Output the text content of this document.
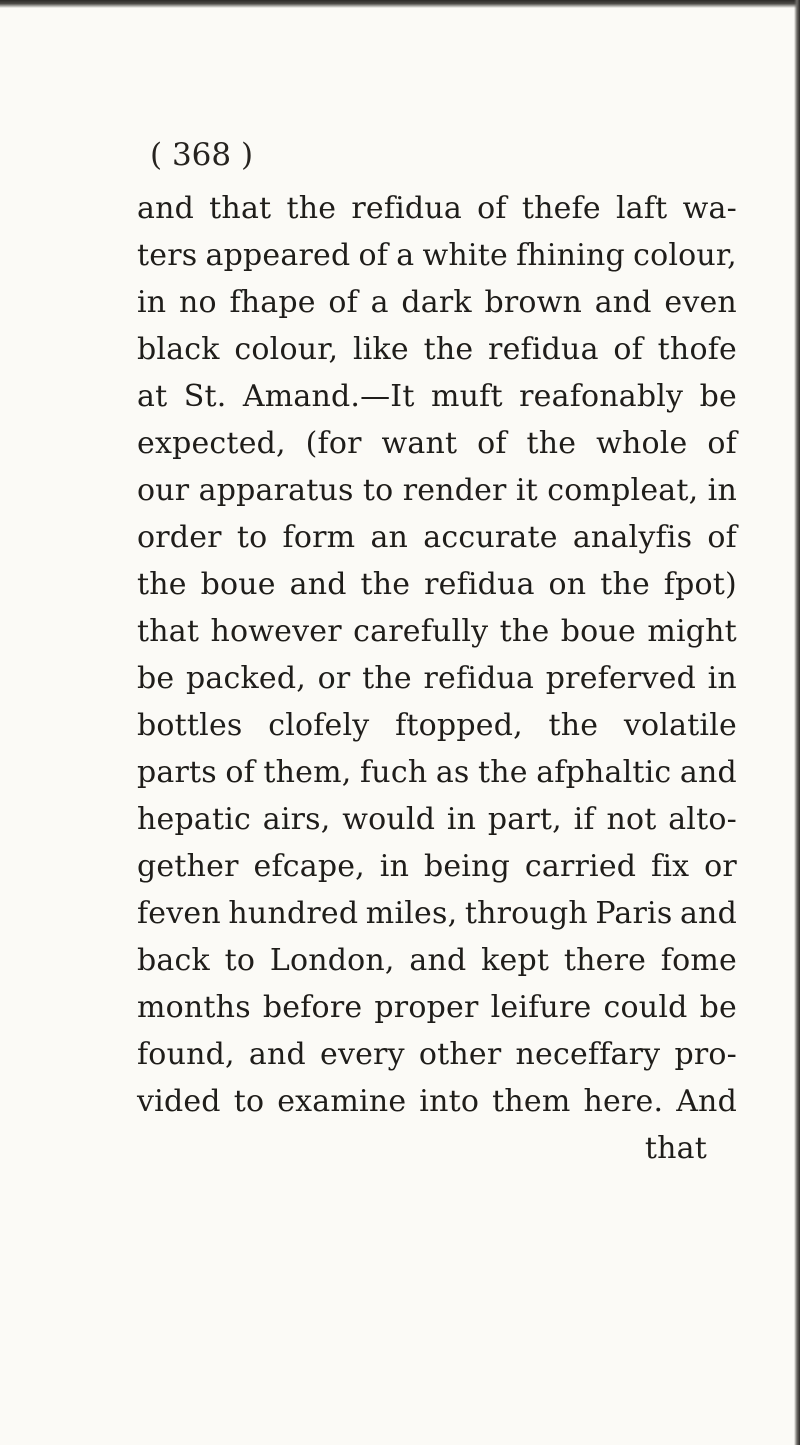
( 368 )
and that the refidua of thefe laft wa-
ters appeared of a white fhining colour,
in no fhape of a dark brown and even
black colour, like the refidua of thofe
at St. Amand.—It muft reafonably be
expected, (for want of the whole of
our apparatus to render it compleat, in
order to form an accurate analyfis of
the boue and the refidua on the fpot)
that however carefully the boue might
be packed, or the refidua preferved in
bottles clofely ftopped, the volatile
parts of them, fuch as the afphaltic and
hepatic airs, would in part, if not alto-
gether efcape, in being carried fix or
feven hundred miles, through Paris and
back to London, and kept there fome
months before proper leifure could be
found, and every other neceffary pro-
vided to examine into them here. And
that
